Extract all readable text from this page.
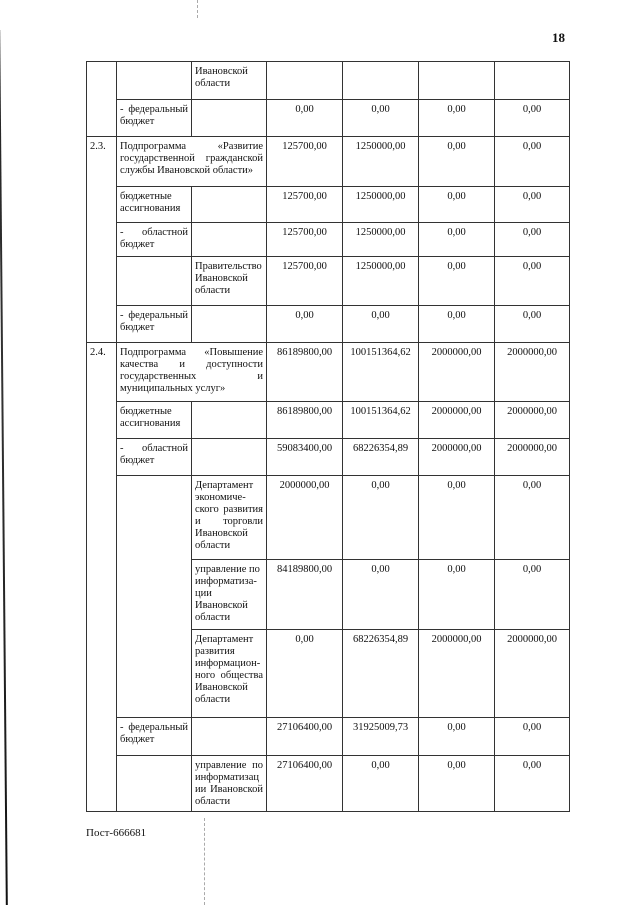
18
		Ивановской области				
	- федеральный бюджет		0,00	0,00	0,00	0,00
2.3.	Подпрограмма «Развитие государственной гражданской службы Ивановской области»		125700,00	1250000,00	0,00	0,00
	бюджетные ассигнования		125700,00	1250000,00	0,00	0,00
	- областной бюджет		125700,00	1250000,00	0,00	0,00
		Правительство Ивановской области	125700,00	1250000,00	0,00	0,00
	- федеральный бюджет		0,00	0,00	0,00	0,00
2.4.	Подпрограмма «Повышение качества и доступности государственных и муниципальных услуг»		86189800,00	100151364,62	2000000,00	2000000,00
	бюджетные ассигнования		86189800,00	100151364,62	2000000,00	2000000,00
	- областной бюджет		59083400,00	68226354,89	2000000,00	2000000,00
		Департамент экономиче-ского развития и торговли Ивановской области	2000000,00	0,00	0,00	0,00
		управление по информатиза-ции Ивановской области	84189800,00	0,00	0,00	0,00
		Департамент развития информацион-ного общества Ивановской области	0,00	68226354,89	2000000,00	2000000,00
	- федеральный бюджет		27106400,00	31925009,73	0,00	0,00
		управление по информатизац ии Ивановской области	27106400,00	0,00	0,00	0,00
Пост-666681
